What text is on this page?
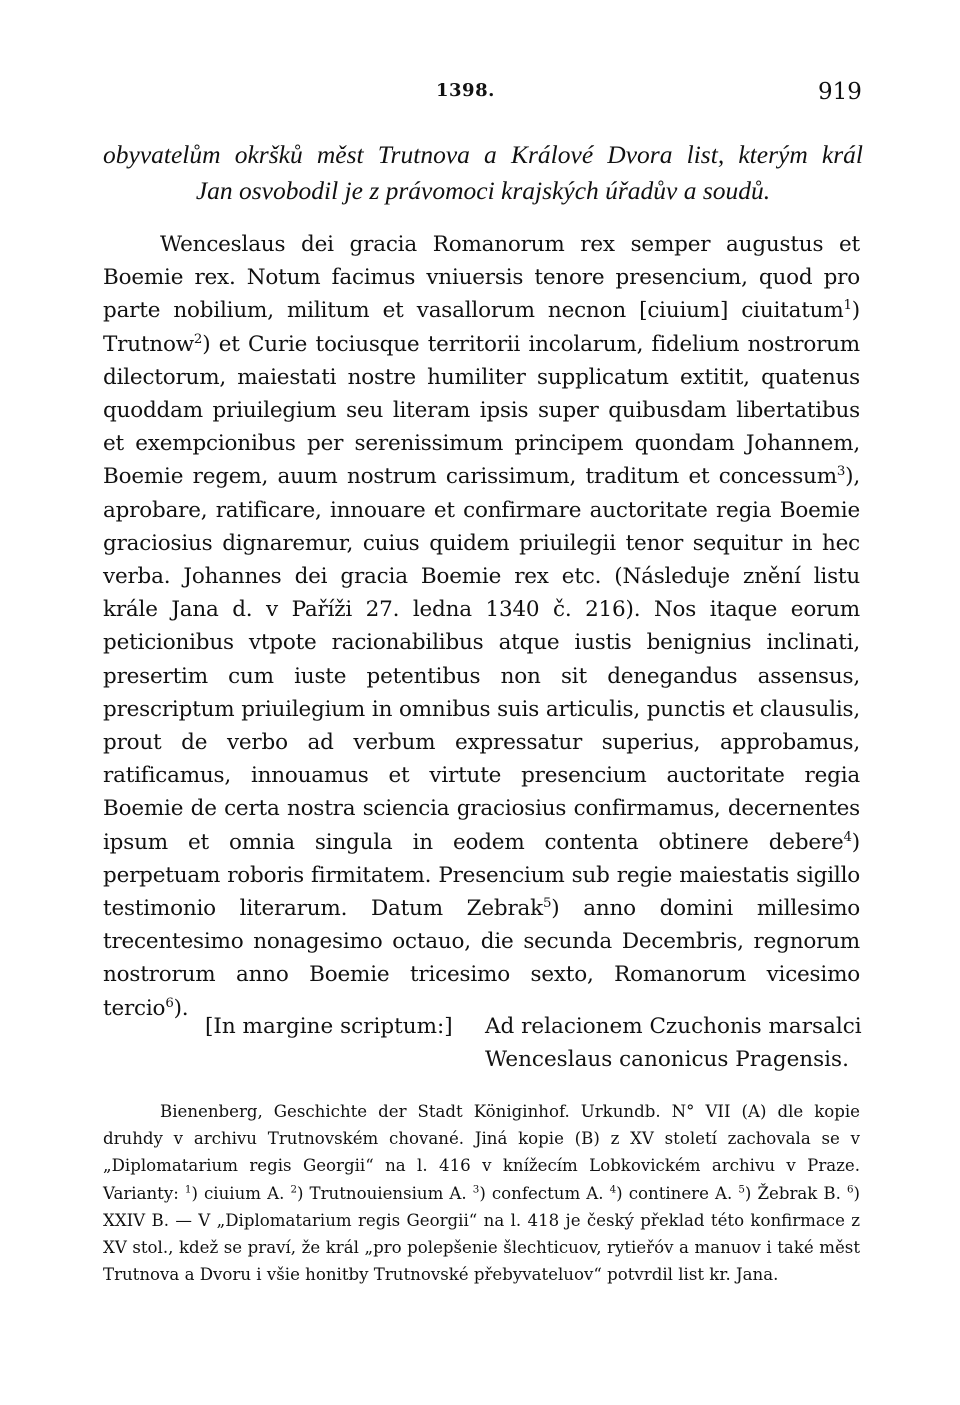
1398.	919
obyvatelům okršků měst Trutnova a Králové Dvora list, kterým král
Jan osvobodil je z právomoci krajských úřadův a soudů.
Wenceslaus dei gracia Romanorum rex semper augustus et Boemie rex. Notum facimus vniuersis tenore presencium, quod pro parte nobilium, militum et vasallorum necnon [ciuium] ciuitatum$^1$) Trutnow$^2$) et Curie tociusque territorii incolarum, fidelium nostrorum dilectorum, maiestati nostre humiliter supplicatum extitit, quatenus quoddam priuilegium seu literam ipsis super quibusdam libertatibus et exempcionibus per serenissimum principem quondam Johannem, Boemie regem, auum nostrum carissimum, traditum et concessum$^3$), aprobare, ratificare, innouare et confirmare auctoritate regia Boemie graciosius dignaremur, cuius quidem priuilegii tenor sequitur in hec verba. Johannes dei gracia Boemie rex etc. (Následuje znění listu krále Jana d. v Paříži 27. ledna 1340 č. 216). Nos itaque eorum peticionibus vtpote racionabilibus atque iustis benignius inclinati, presertim cum iuste petentibus non sit denegandus assensus, prescriptum priuilegium in omnibus suis articulis, punctis et clausulis, prout de verbo ad verbum expressatur superius, approbamus, ratificamus, innouamus et virtute presencium auctoritate regia Boemie de certa nostra sciencia graciosius confirmamus, decernentes ipsum et omnia singula in eodem contenta obtinere debere$^4$) perpetuam roboris firmitatem. Presencium sub regie maiestatis sigillo testimonio literarum. Datum Zebrak$^5$) anno domini millesimo trecentesimo nonagesimo octauo, die secunda Decembris, regnorum nostrorum anno Boemie tricesimo sexto, Romanorum vicesimo tercio$^6$).
[In margine scriptum:] Ad relacionem Czuchonis marsalci
Wenceslaus canonicus Pragensis.
Bienenberg, Geschichte der Stadt Königinhof. Urkundb. N° VII (A) dle kopie druhdy v archivu Trutnovském chované. Jiná kopie (B) z XV století zachovala se v „Diplomatarium regis Georgii“ na l. 416 v knížecím Lobkovickém archivu v Praze. Varianty: $^1$) ciuium A. $^2$) Trutnouiensium A. $^3$) confectum A. $^4$) continere A. $^5$) Žebrak B. $^6$) XXIV B. — V „Diplomatarium regis Georgii“ na l. 418 je český překlad této konfirmace z XV stol., kdež se praví, že král „pro polepšenie šlechticuov, rytieřóv a manuov i také měst Trutnova a Dvoru i všie honitby Trutnovské přebyvateluov“ potvrdil list kr. Jana.
